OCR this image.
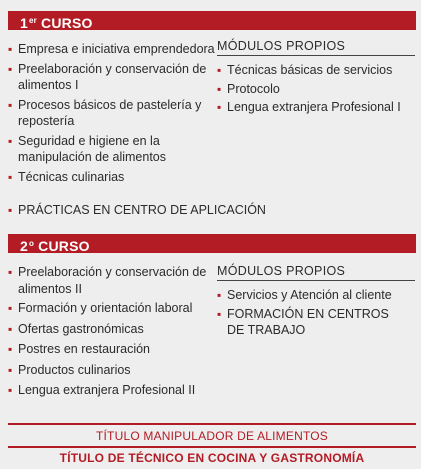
1er CURSO
▪ Empresa e iniciativa emprendedora
▪ Preelaboración y conservación de alimentos I
▪ Procesos básicos de pastelería y repostería
▪ Seguridad e higiene en la manipulación de alimentos
▪ Técnicas culinarias
MÓDULOS PROPIOS
▪ Técnicas básicas de servicios
▪ Protocolo
▪ Lengua extranjera Profesional I
▪ PRÁCTICAS EN CENTRO DE APLICACIÓN
2$^o$ CURSO
▪ Preelaboración y conservación de alimentos II
▪ Formación y orientación laboral
▪ Ofertas gastronómicas
▪ Postres en restauración
▪ Productos culinarios
▪ Lengua extranjera Profesional II
MÓDULOS PROPIOS
▪ Servicios y Atención al cliente
▪ FORMACIÓN EN CENTROS DE TRABAJO
TÍTULO MANIPULADOR DE ALIMENTOS
TÍTULO DE TÉCNICO EN COCINA Y GASTRONOMÍA
